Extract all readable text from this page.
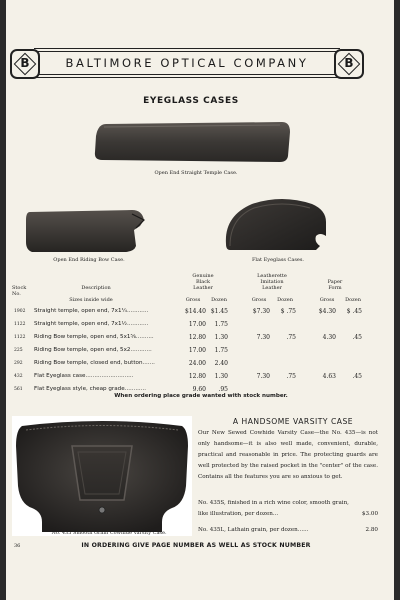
B	B
BALTIMORE OPTICAL COMPANY
EYEGLASS CASES
Open End Straight Temple Case.
Open End Riding Bow Case.	Flat Eyeglass Cases.
Genuine
Black
Leather
Leatherette
Imitation
Leather
Paper
Form
Stock No.
Description
Sizes inside wide	Gross	Dozen	Gross	Dozen	Gross	Dozen
1902 Straight temple, open end, 7x1¼............	$14.40 $1.45	$7.30	$ .75	$4.30	$ .45
1122 Straight temple, open end, 7x1½............	17.00	1.75
1122 Riding Bow temple, open end, 5x1⅝..........	12.80	1.30	7.30	.75	4.30	.45
225 Riding Bow temple, open end, 5x2............	17.00	1.75
292 Riding Bow temple, closed end, button.......	24.00	2.40
432 Flat Eyeglass case...........................	12.80	1.30	7.30	.75	4.63	.45
561 Flat Eyeglass style, cheap grade............	9.60	.95
When ordering place grade wanted with stock number.
No. 435 Smooth Grain Cowhide Varsity Case.
A HANDSOME VARSITY CASE
Our New Sewed Cowhide Varsity Case—the No. 435—is not only handsome—it is also well made, convenient, durable, practical and reasonable in price. The protecting guards are well protected by the raised pocket in the "center" of the case. Contains all the features you are so anxious to get.
No. 435S, finished in a rich wine color, smooth grain, like illustration, per dozen...	$3.00
No. 435L, Lathain grain, per dozen......	2.80
36	IN ORDERING GIVE PAGE NUMBER AS WELL AS STOCK NUMBER
